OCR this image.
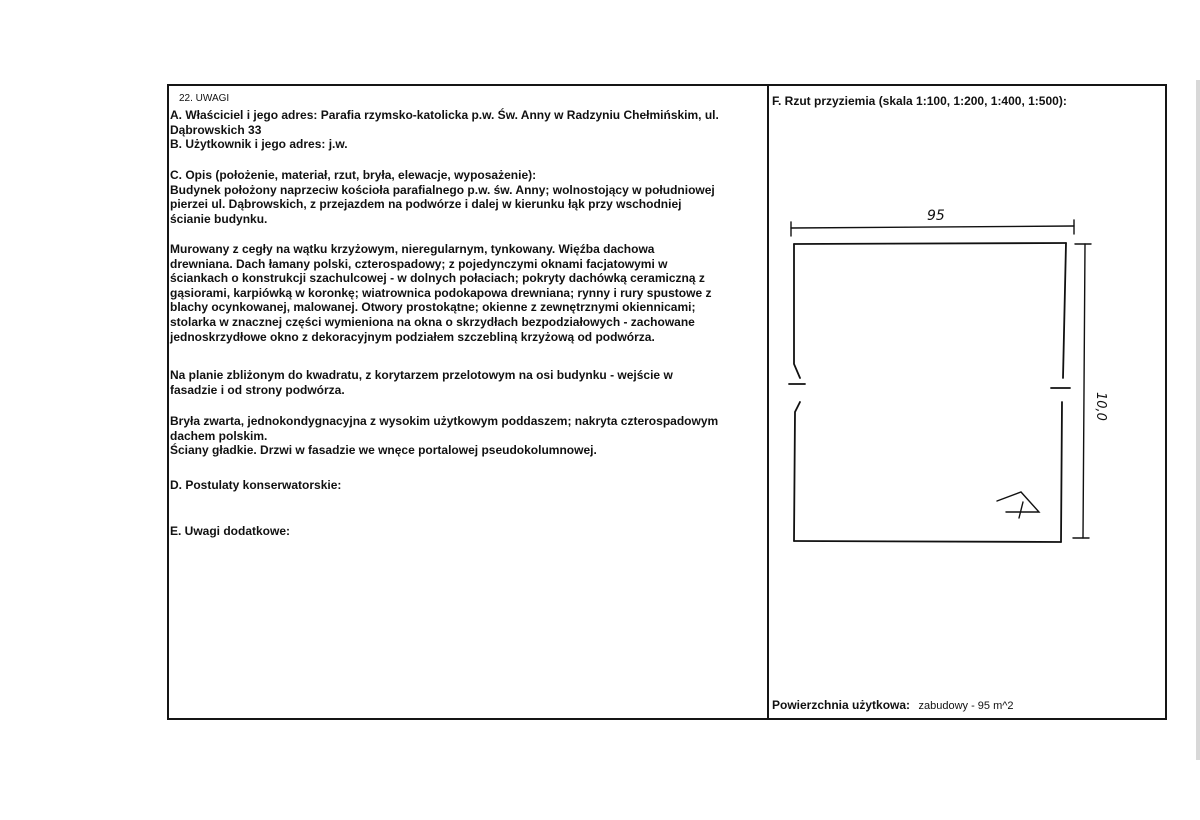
22. UWAGI
A. Właściciel i jego adres: Parafia rzymsko-katolicka p.w. Św. Anny w Radzyniu Chełmińskim, ul.
Dąbrowskich 33
B. Użytkownik i jego adres: j.w.
C. Opis (położenie, materiał, rzut, bryła, elewacje, wyposażenie):
Budynek położony naprzeciw kościoła parafialnego p.w. św. Anny; wolnostojący w południowej
pierzei ul. Dąbrowskich, z przejazdem na podwórze i dalej w kierunku łąk przy wschodniej
ścianie budynku.
Murowany z cegły na wątku krzyżowym, nieregularnym, tynkowany. Więźba dachowa
drewniana. Dach łamany polski, czterospadowy; z pojedynczymi oknami facjatowymi w
ściankach o konstrukcji szachulcowej - w dolnych połaciach; pokryty dachówką ceramiczną z
gąsiorami, karpiówką w koronkę; wiatrownica podokapowa drewniana; rynny i rury spustowe z
blachy ocynkowanej, malowanej. Otwory prostokątne; okienne z zewnętrznymi okiennicami;
stolarka w znacznej części wymieniona na okna o skrzydłach bezpodziałowych - zachowane
jednoskrzydłowe okno z dekoracyjnym podziałem szczebliną krzyżową od podwórza.
Na planie zbliżonym do kwadratu, z korytarzem przelotowym na osi budynku - wejście w
fasadzie i od strony podwórza.
Bryła zwarta, jednokondygnacyjna z wysokim użytkowym poddaszem; nakryta czterospadowym
dachem polskim.
Ściany gładkie. Drzwi w fasadzie we wnęce portalowej pseudokolumnowej.
D. Postulaty konserwatorskie:
E. Uwagi dodatkowe:
F. Rzut przyziemia (skala 1:100, 1:200, 1:400, 1:500):
95
10,0
Powierzchnia użytkowa: zabudowy - 95 m^2
